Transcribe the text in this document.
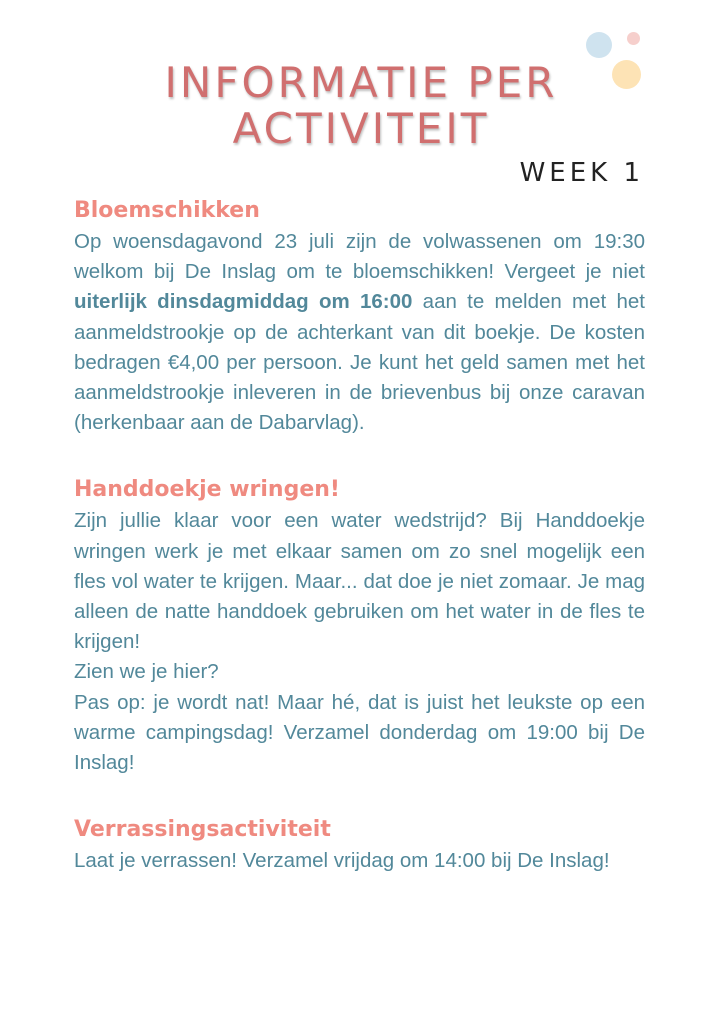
INFORMATIE PER
ACTIVITEIT
WEEK 1
Bloemschikken

Op woensdagavond 23 juli zijn de volwassenen om 19:30 welkom bij De Inslag om te bloemschikken! Vergeet je niet uiterlijk dinsdagmiddag om 16:00 aan te melden met het aanmeldstrookje op de achterkant van dit boekje. De kosten bedragen €4,00 per persoon. Je kunt het geld samen met het aanmeldstrookje inleveren in de brievenbus bij onze caravan (herkenbaar aan de Dabarvlag).

Handdoekje wringen!

Zijn jullie klaar voor een water wedstrijd? Bij Handdoekje wringen werk je met elkaar samen om zo snel mogelijk een fles vol water te krijgen. Maar... dat doe je niet zomaar. Je mag alleen de natte handdoek gebruiken om het water in de fles te krijgen!

Zien we je hier?

Pas op: je wordt nat! Maar hé, dat is juist het leukste op een warme campingsdag! Verzamel donderdag om 19:00 bij De Inslag!

Verrassingsactiviteit

Laat je verrassen! Verzamel vrijdag om 14:00 bij De Inslag!
